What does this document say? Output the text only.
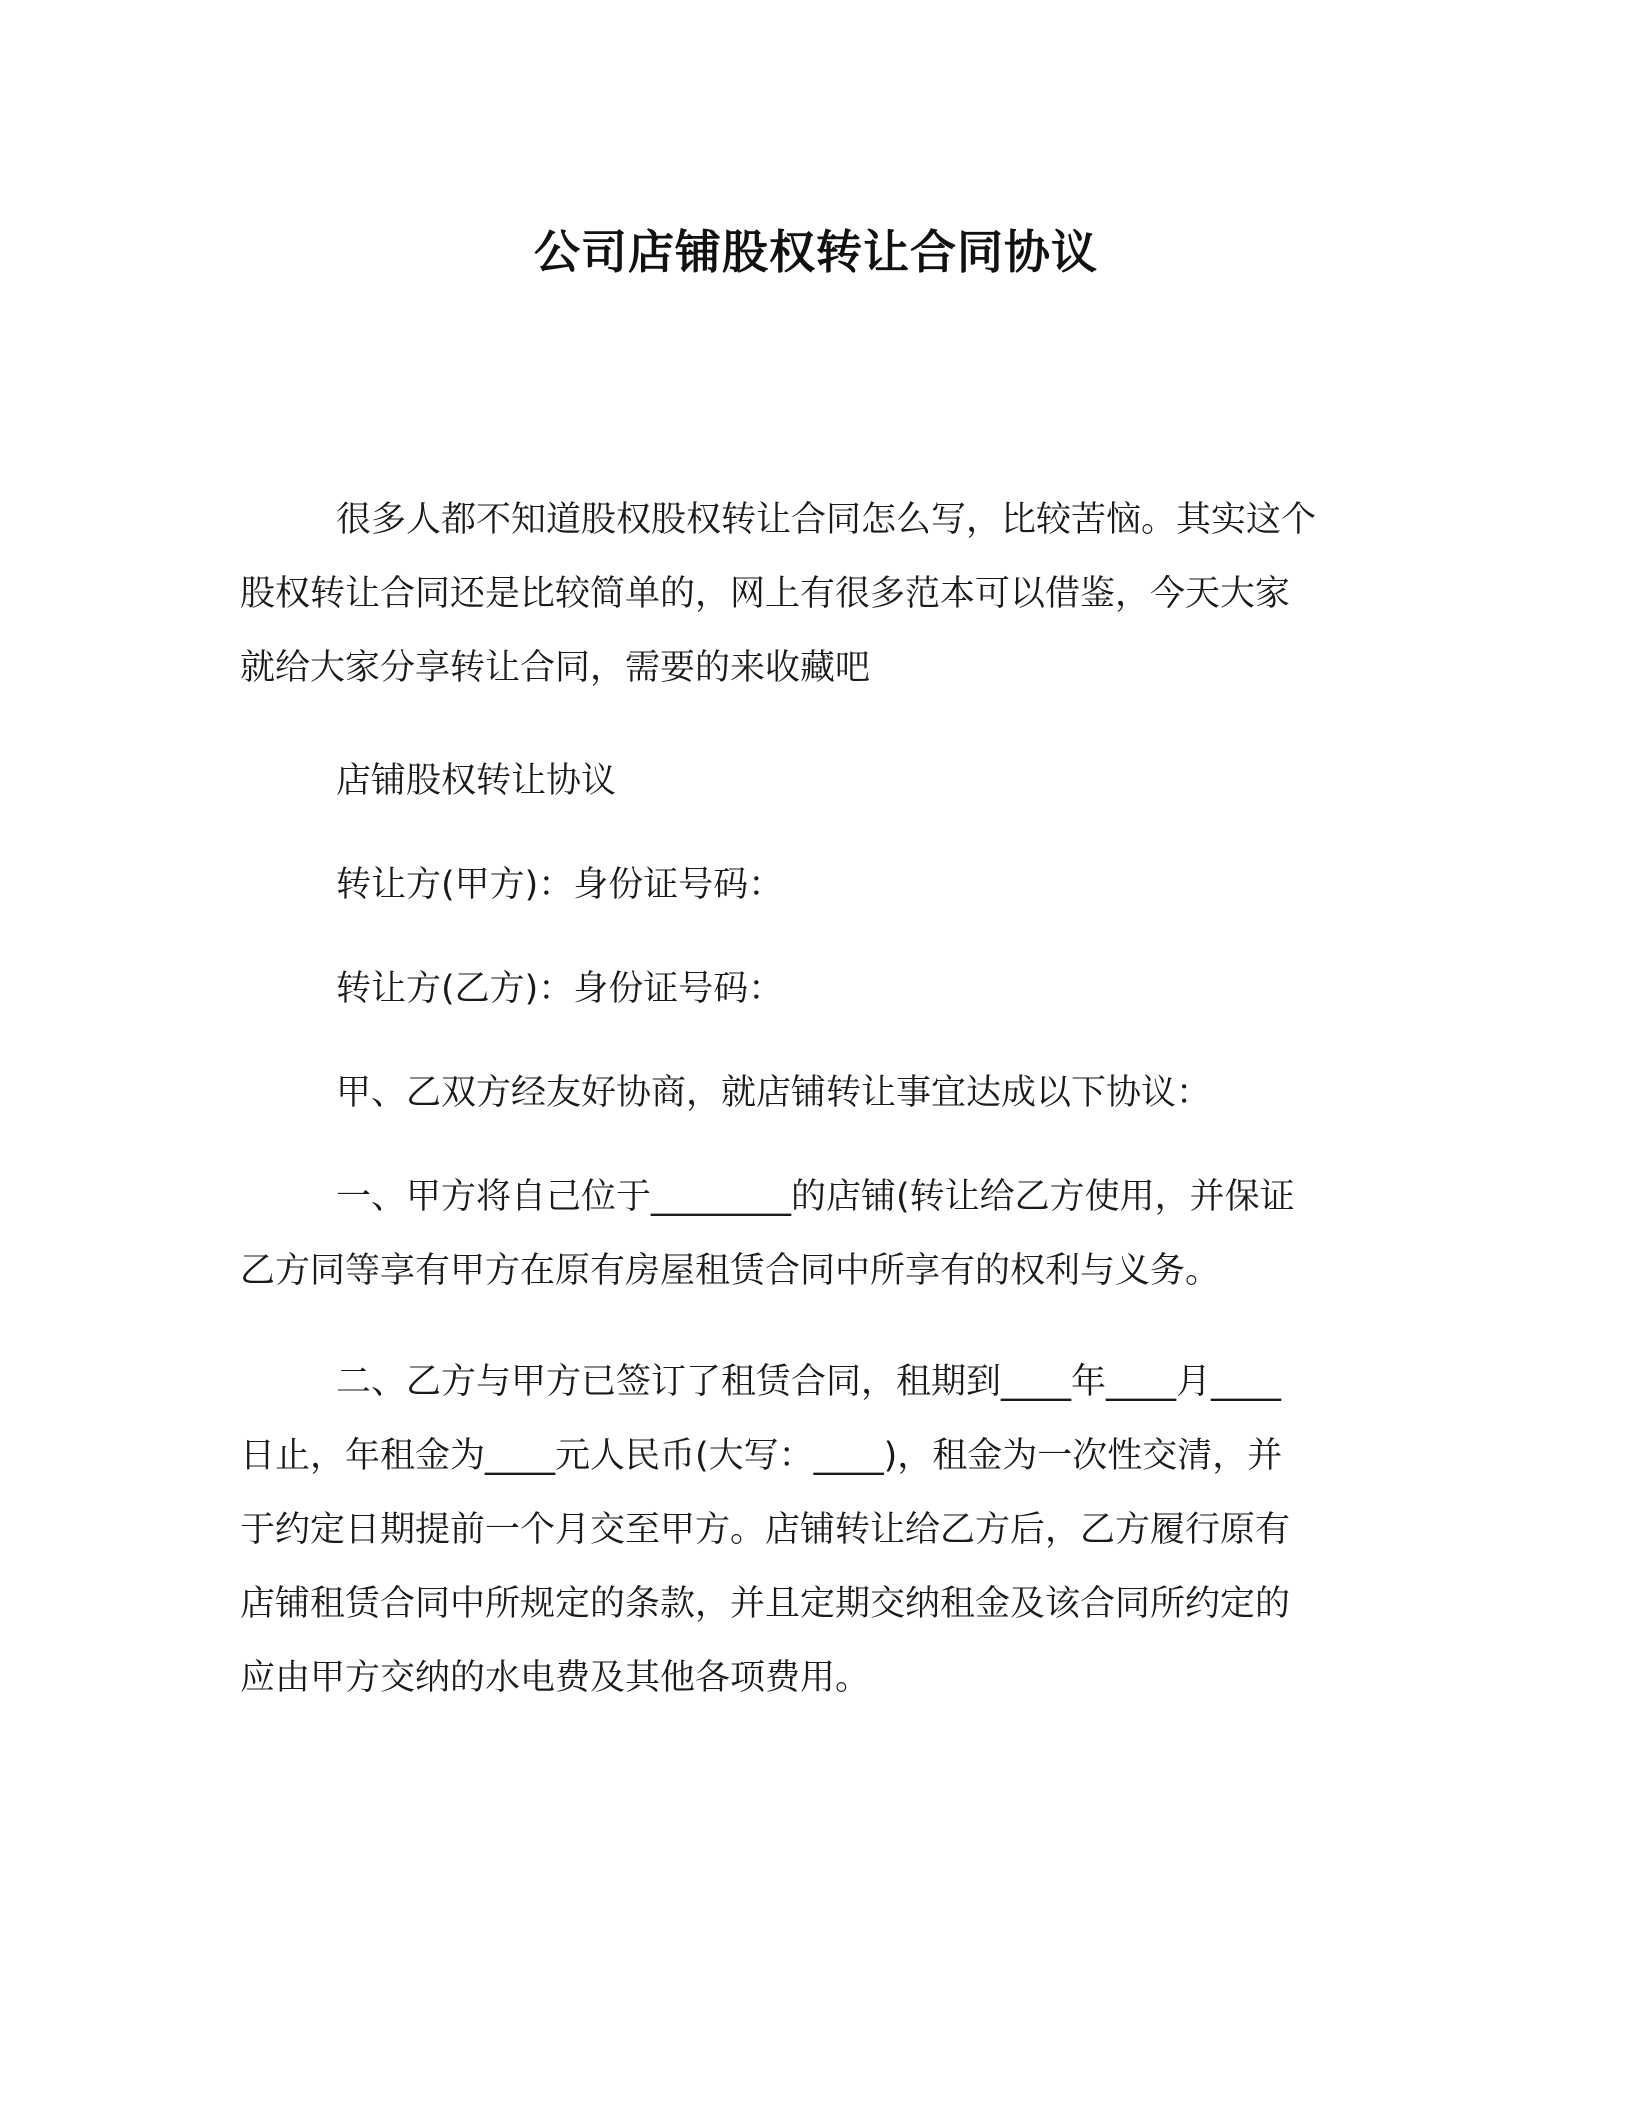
公司店铺股权转让合同协议
很多人都不知道股权股权转让合同怎么写，比较苦恼。其实这个
股权转让合同还是比较简单的，网上有很多范本可以借鉴，今天大家
就给大家分享转让合同，需要的来收藏吧
店铺股权转让协议
转让方(甲方)：身份证号码：
转让方(乙方)：身份证号码：
甲、乙双方经友好协商，就店铺转让事宜达成以下协议：
一、甲方将自己位于________的店铺(转让给乙方使用，并保证
乙方同等享有甲方在原有房屋租赁合同中所享有的权利与义务。
二、乙方与甲方已签订了租赁合同，租期到____年____月____
日止，年租金为____元人民币(大写：____)，租金为一次性交清，并
于约定日期提前一个月交至甲方。店铺转让给乙方后，乙方履行原有
店铺租赁合同中所规定的条款，并且定期交纳租金及该合同所约定的
应由甲方交纳的水电费及其他各项费用。
